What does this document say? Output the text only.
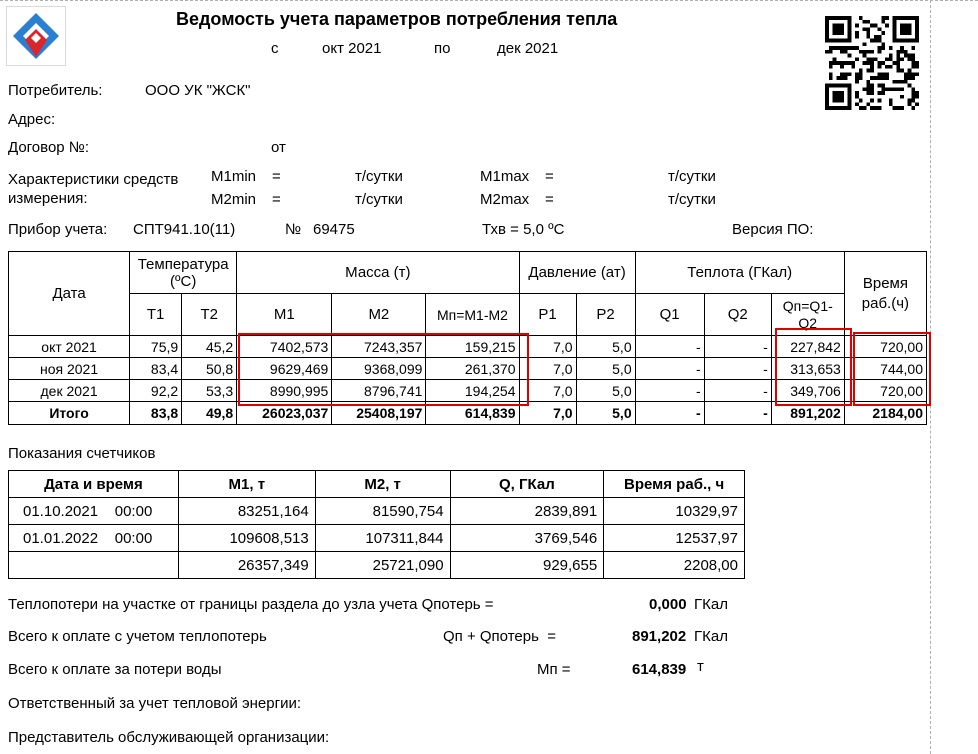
Ведомость учета параметров потребления тепла
с	окт 2021	по	дек 2021
Потребитель:	ООО УК "ЖСК"
Адрес:
Договор №:	от
Характеристики средств
измерения:
M1min =	т/сутки	M1max =	т/сутки
M2min =	т/сутки	M2max =	т/сутки
Прибор учета: СПТ941.10(11)	№ 69475	Тхв = 5,0 ºС	Версия ПО:
Дата	Температура (ºС)		Масса (т)			Давление (ат)		Теплота (ГКал)			Время раб.(ч)
	T1	T2	M1	M2	Mп=M1-M2	P1	P2	Q1	Q2	Qп=Q1-Q2	
окт 2021	75,9	45,2	7402,573	7243,357	159,215	7,0	5,0	-	-	227,842	720,00
ноя 2021	83,4	50,8	9629,469	9368,099	261,370	7,0	5,0	-	-	313,653	744,00
дек 2021	92,2	53,3	8990,995	8796,741	194,254	7,0	5,0	-	-	349,706	720,00
Итого	83,8	49,8	26023,037	25408,197	614,839	7,0	5,0	-	-	891,202	2184,00
Показания счетчиков
Дата и время	М1, т	М2, т	Q, ГКал	Время раб., ч
01.10.2021 00:00	83251,164	81590,754	2839,891	10329,97
01.01.2022 00:00	109608,513	107311,844	3769,546	12537,97
	26357,349	25721,090	929,655	2208,00
Теплопотери на участке от границы раздела до узла учета Qпотерь =	0,000 ГКал
Всего к оплате с учетом теплопотерь	Qп + Qпотерь  =	891,202 ГКал
Всего к оплате за потери воды	Mп =	614,839 т
Ответственный за учет тепловой энергии:
Представитель обслуживающей организации:
